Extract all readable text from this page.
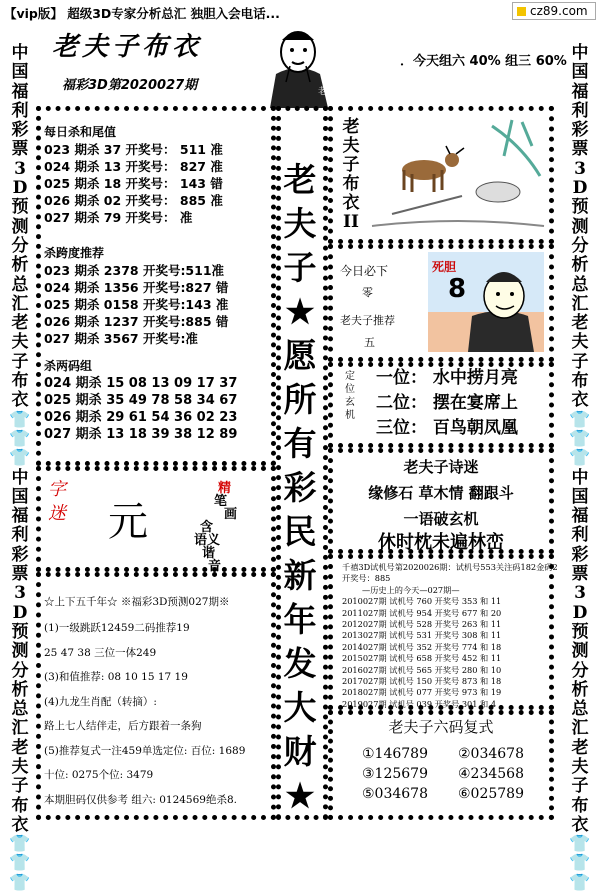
【vip版】 超级3D专家分析总汇 独胆入会电话...	cz89.com
中
国
福
利
彩
票
3
D
预
测
分
析
总
汇
老
夫
子
布
衣
👕
👕
👕
中
国
福
利
彩
票
3
D
预
测
分
析
总
汇
老
夫
子
布
衣
👕
👕
👕
中
国
福
利
彩
票
3
D
预
测
分
析
总
汇
老
夫
子
布
衣
👕
👕
👕
中
国
福
利
彩
票
3
D
预
测
分
析
总
汇
老
夫
子
布
衣
👕
👕
👕
老夫子布衣
福彩3D第2020027期	老夫子
．今天组六 40% 组三 60%
每日杀和尾值
023 期杀 37 开奖号： 511 准
024 期杀 13 开奖号： 827 准
025 期杀 18 开奖号： 143 错
026 期杀 02 开奖号： 885 准
027 期杀 79 开奖号： 准
杀跨度推荐
023 期杀 2378 开奖号:511准
024 期杀 1356 开奖号:827 错
025 期杀 0158 开奖号:143 准
026 期杀 1237 开奖号:885 错
027 期杀 3567 开奖号:准
杀两码组
024 期杀 15 08 13 09 17 37
025 期杀 35 49 78 58 34 67
026 期杀 29 61 54 36 02 23
027 期杀 13 18 39 38 12 89
字迷 元
精
笔
画
含
语义
谐
音
☆上下五千年☆ ※福彩3D预测027期※
(1)一级跳跃12459二码推荐19
25 47 38 三位一体249
(3)和值推荐: 08 10 15 17 19
(4)九龙生肖配（转摘）:
路上七人结伴走，后方跟着一条狗
(5)推荐复式一注459单选定位: 百位: 1689
十位: 0275个位: 3479
本期胆码仅供参考 组六: 0124569绝杀8.
老
夫
子
★
愿
所
有
彩
民
新
年
发
大
财
★
老
夫
子
布
衣
II
今日必下
零
老夫子推荐
五
死胆
8
定
位
玄
机
一位： 水中捞月亮
二位： 摆在宴席上
三位： 百鸟朝凤凰
老夫子诗迷
缘修石 草木情 翻跟斗
一语破玄机
休时枕未遍林峦
千禧3D试机号第2020026期：试机号553关注码182金码2
开奖号：885
—历史上的今天—027期—
2010027期 试机号 760 开奖号 353 和 11
2011027期 试机号 954 开奖号 677 和 20
2012027期 试机号 528 开奖号 263 和 11
2013027期 试机号 531 开奖号 308 和 11
2014027期 试机号 352 开奖号 774 和 18
2015027期 试机号 658 开奖号 452 和 11
2016027期 试机号 565 开奖号 280 和 10
2017027期 试机号 150 开奖号 873 和 18
2018027期 试机号 077 开奖号 973 和 19
2019027期 试机号 039 开奖号 301 和 4
老夫子六码复式
①146789	②034678
③125679	④234568
⑤034678	⑥025789
